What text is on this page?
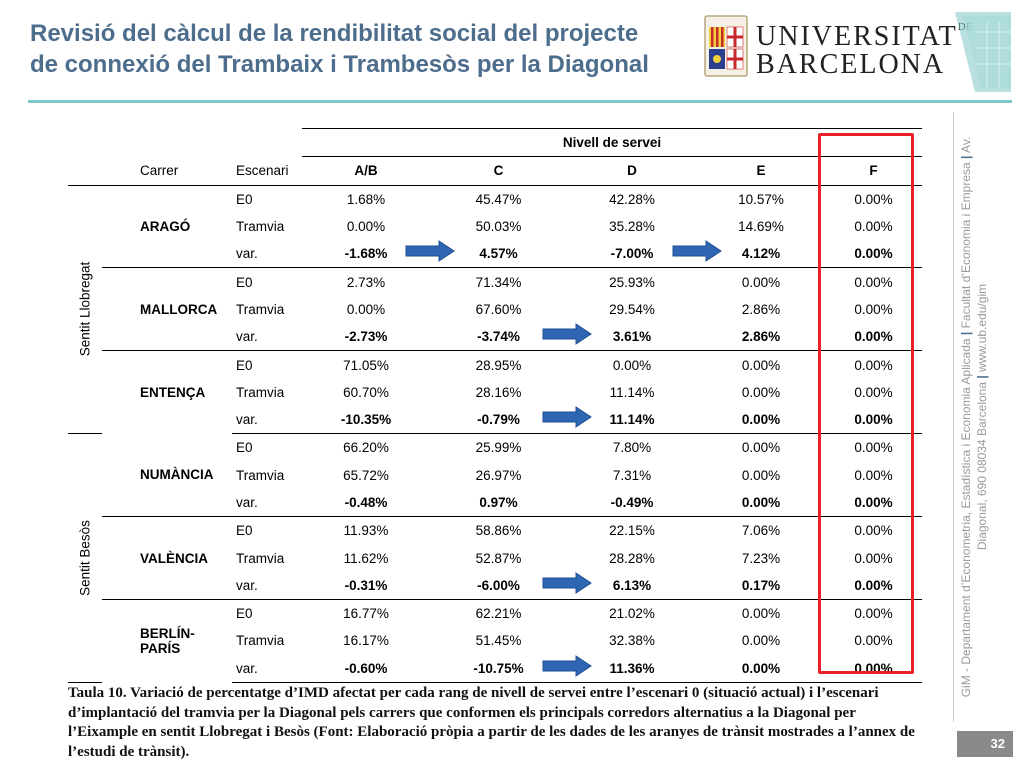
Revisió del càlcul de la rendibilitat social del projecte de connexió del Trambaix i Trambesòs per la Diagonal
UNIVERSITAT
BARCELONA
GiM - Departament d’Econometria, Estadística i Economia Aplicada | Facultat d’Economia i Empresa | Av. Diagonal, 690 08034 Barcelona | www.ub.edu/gim
32
			Nivell de servei				
	Carrer	Escenari	A/B	C	D	E	F

Sentit Llobregat	ARAGÓ	E0	1.68%	45.47%	42.28%	10.57%	0.00%
		Tramvia	0.00%	50.03%	35.28%	14.69%	0.00%
		var.	-1.68%	4.57%	-7.00%	4.12%	0.00%
	MALLORCA	E0	2.73%	71.34%	25.93%	0.00%	0.00%
		Tramvia	0.00%	67.60%	29.54%	2.86%	0.00%
		var.	-2.73%	-3.74%	3.61%	2.86%	0.00%
	ENTENÇA	E0	71.05%	28.95%	0.00%	0.00%	0.00%
		Tramvia	60.70%	28.16%	11.14%	0.00%	0.00%
		var.	-10.35%	-0.79%	11.14%	0.00%	0.00%

Sentit Besòs	NUMÀNCIA	E0	66.20%	25.99%	7.80%	0.00%	0.00%
		Tramvia	65.72%	26.97%	7.31%	0.00%	0.00%
		var.	-0.48%	0.97%	-0.49%	0.00%	0.00%
	VALÈNCIA	E0	11.93%	58.86%	22.15%	7.06%	0.00%
		Tramvia	11.62%	52.87%	28.28%	7.23%	0.00%
		var.	-0.31%	-6.00%	6.13%	0.17%	0.00%
	BERLÍN-PARÍS	E0	16.77%	62.21%	21.02%	0.00%	0.00%
		Tramvia	16.17%	51.45%	32.38%	0.00%	0.00%
		var.	-0.60%	-10.75%	11.36%	0.00%	0.00%
Taula 10. Variació de percentatge d’IMD afectat per cada rang de nivell de servei entre l’escenari 0 (situació actual) i l’escenari d’implantació del tramvia per la Diagonal pels carrers que conformen els principals corredors alternatius a la Diagonal per l’Eixample en sentit Llobregat i Besòs (Font: Elaboració pròpia a partir de les dades de les aranyes de trànsit mostrades a l’annex de l’estudi de trànsit).
